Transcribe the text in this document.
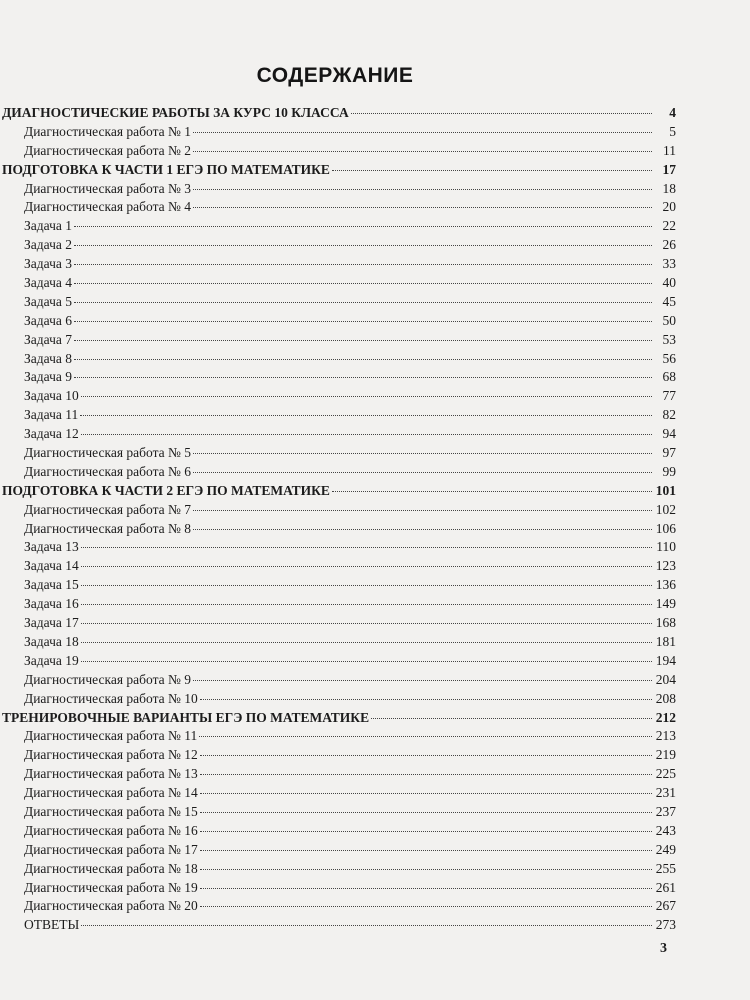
СОДЕРЖАНИЕ
ДИАГНОСТИЧЕСКИЕ РАБОТЫ ЗА КУРС 10 КЛАССА	4
Диагностическая работа № 1	5
Диагностическая работа № 2	11
ПОДГОТОВКА К ЧАСТИ 1 ЕГЭ ПО МАТЕМАТИКЕ	17
Диагностическая работа № 3	18
Диагностическая работа № 4	20
Задача 1	22
Задача 2	26
Задача 3	33
Задача 4	40
Задача 5	45
Задача 6	50
Задача 7	53
Задача 8	56
Задача 9	68
Задача 10	77
Задача 11	82
Задача 12	94
Диагностическая работа № 5	97
Диагностическая работа № 6	99
ПОДГОТОВКА К ЧАСТИ 2 ЕГЭ ПО МАТЕМАТИКЕ	101
Диагностическая работа № 7	102
Диагностическая работа № 8	106
Задача 13	110
Задача 14	123
Задача 15	136
Задача 16	149
Задача 17	168
Задача 18	181
Задача 19	194
Диагностическая работа № 9	204
Диагностическая работа № 10	208
ТРЕНИРОВОЧНЫЕ ВАРИАНТЫ ЕГЭ ПО МАТЕМАТИКЕ	212
Диагностическая работа № 11	213
Диагностическая работа № 12	219
Диагностическая работа № 13	225
Диагностическая работа № 14	231
Диагностическая работа № 15	237
Диагностическая работа № 16	243
Диагностическая работа № 17	249
Диагностическая работа № 18	255
Диагностическая работа № 19	261
Диагностическая работа № 20	267
ОТВЕТЫ	273
3
